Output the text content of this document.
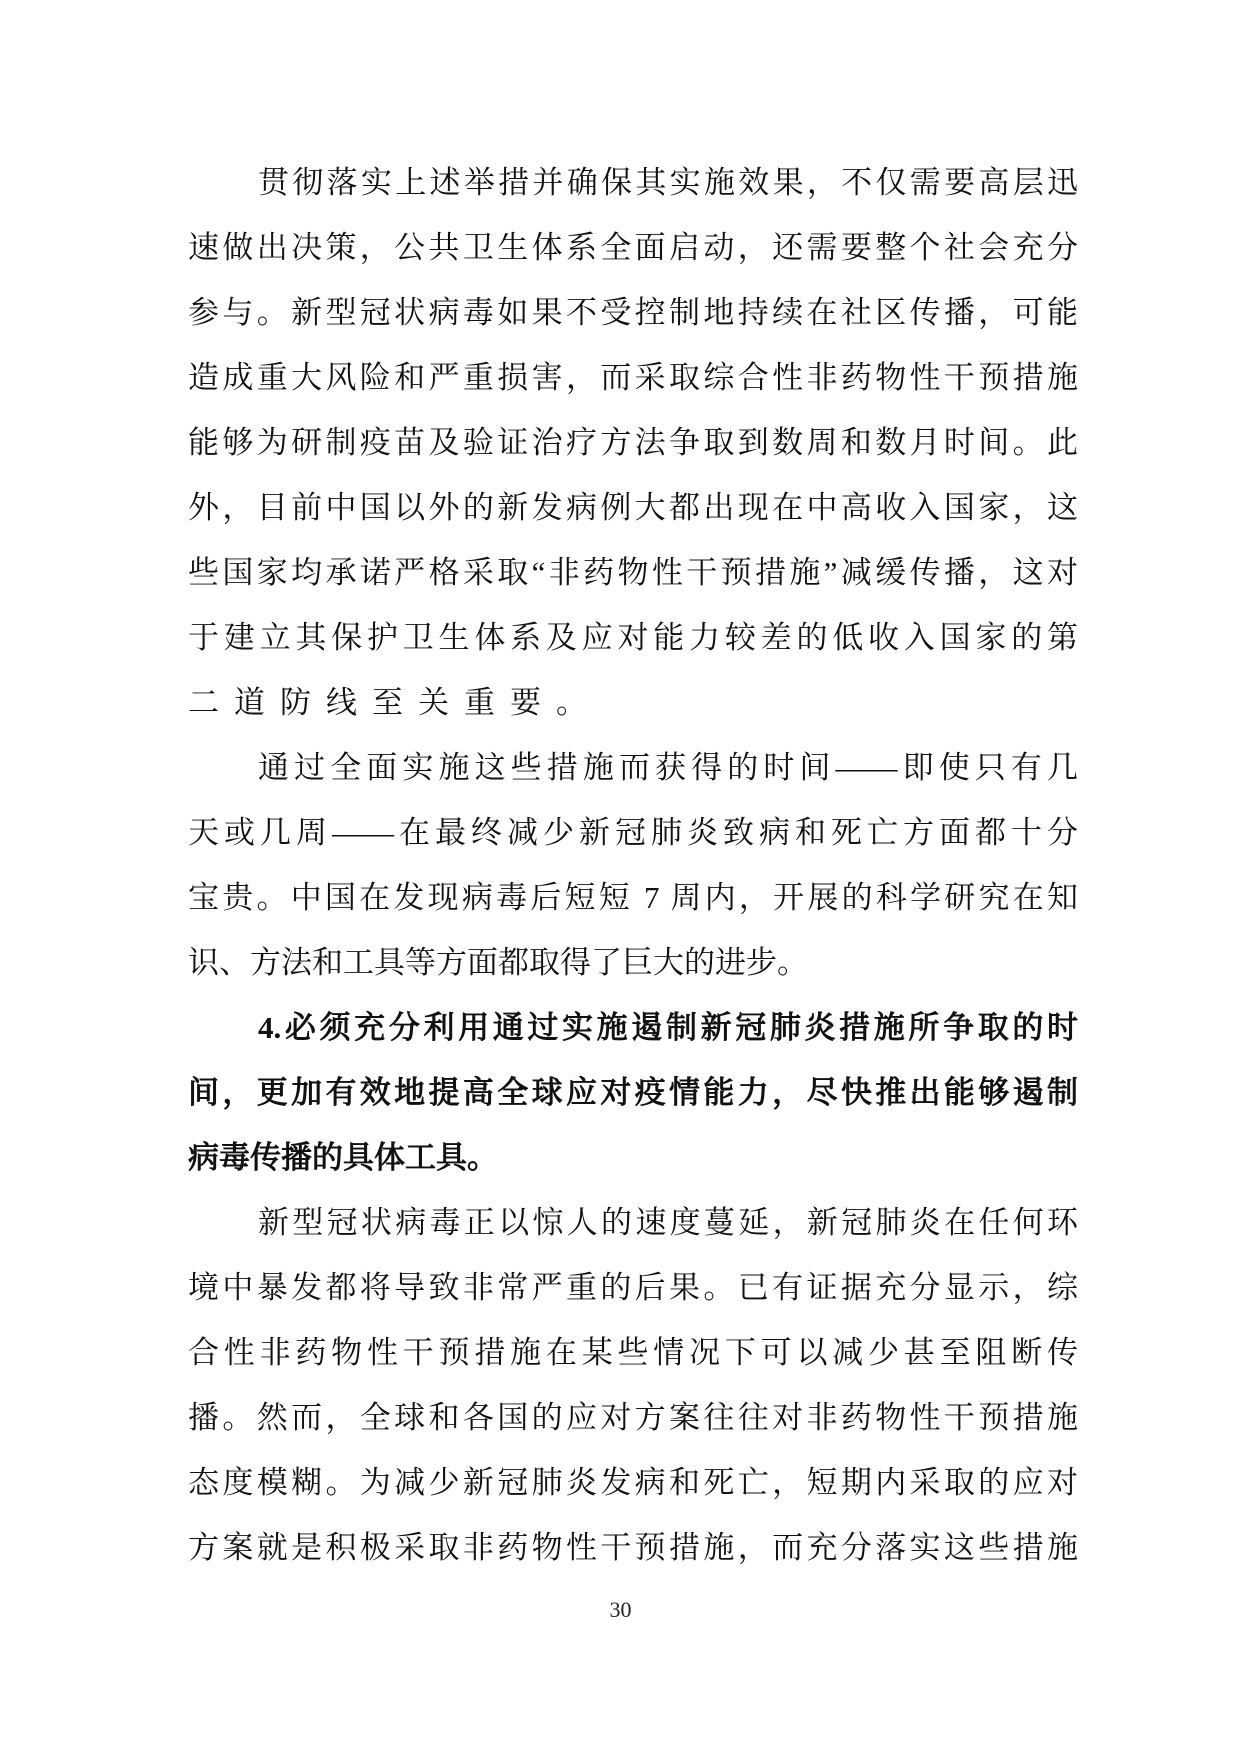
贯彻落实上述举措并确保其实施效果，不仅需要高层迅
速做出决策，公共卫生体系全面启动，还需要整个社会充分
参与。新型冠状病毒如果不受控制地持续在社区传播，可能
造成重大风险和严重损害，而采取综合性非药物性干预措施
能够为研制疫苗及验证治疗方法争取到数周和数月时间。此
外，目前中国以外的新发病例大都出现在中高收入国家，这
些国家均承诺严格采取“非药物性干预措施”减缓传播，这对
于建立其保护卫生体系及应对能力较差的低收入国家的第
二道防线至关重要。
通过全面实施这些措施而获得的时间——即使只有几
天或几周——在最终减少新冠肺炎致病和死亡方面都十分
宝贵。中国在发现病毒后短短 7 周内，开展的科学研究在知
识、方法和工具等方面都取得了巨大的进步。
4.必须充分利用通过实施遏制新冠肺炎措施所争取的时
间，更加有效地提高全球应对疫情能力，尽快推出能够遏制
病毒传播的具体工具。
新型冠状病毒正以惊人的速度蔓延，新冠肺炎在任何环
境中暴发都将导致非常严重的后果。已有证据充分显示，综
合性非药物性干预措施在某些情况下可以减少甚至阻断传
播。然而，全球和各国的应对方案往往对非药物性干预措施
态度模糊。为减少新冠肺炎发病和死亡，短期内采取的应对
方案就是积极采取非药物性干预措施，而充分落实这些措施
30
